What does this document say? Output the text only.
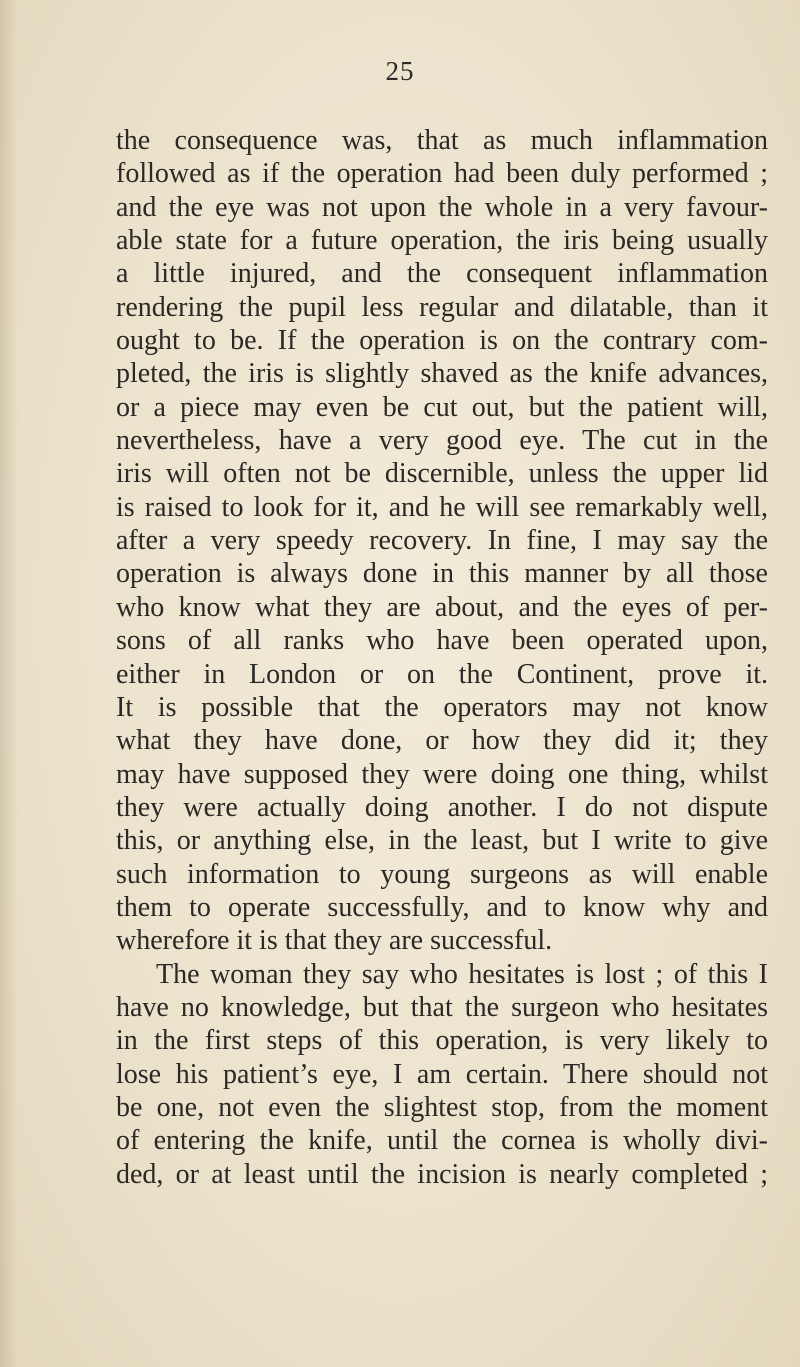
25
the consequence was, that as much inflammation
followed as if the operation had been duly performed ;
and the eye was not upon the whole in a very favour-
able state for a future operation, the iris being usually
a little injured, and the consequent inflammation
rendering the pupil less regular and dilatable, than it
ought to be. If the operation is on the contrary com-
pleted, the iris is slightly shaved as the knife advances,
or a piece may even be cut out, but the patient will,
nevertheless, have a very good eye. The cut in the
iris will often not be discernible, unless the upper lid
is raised to look for it, and he will see remarkably well,
after a very speedy recovery. In fine, I may say the
operation is always done in this manner by all those
who know what they are about, and the eyes of per-
sons of all ranks who have been operated upon,
either in London or on the Continent, prove it.
It is possible that the operators may not know
what they have done, or how they did it; they
may have supposed they were doing one thing, whilst
they were actually doing another. I do not dispute
this, or anything else, in the least, but I write to give
such information to young surgeons as will enable
them to operate successfully, and to know why and
wherefore it is that they are successful.
The woman they say who hesitates is lost ; of this I
have no knowledge, but that the surgeon who hesitates
in the first steps of this operation, is very likely to
lose his patient’s eye, I am certain. There should not
be one, not even the slightest stop, from the moment
of entering the knife, until the cornea is wholly divi-
ded, or at least until the incision is nearly completed ;
